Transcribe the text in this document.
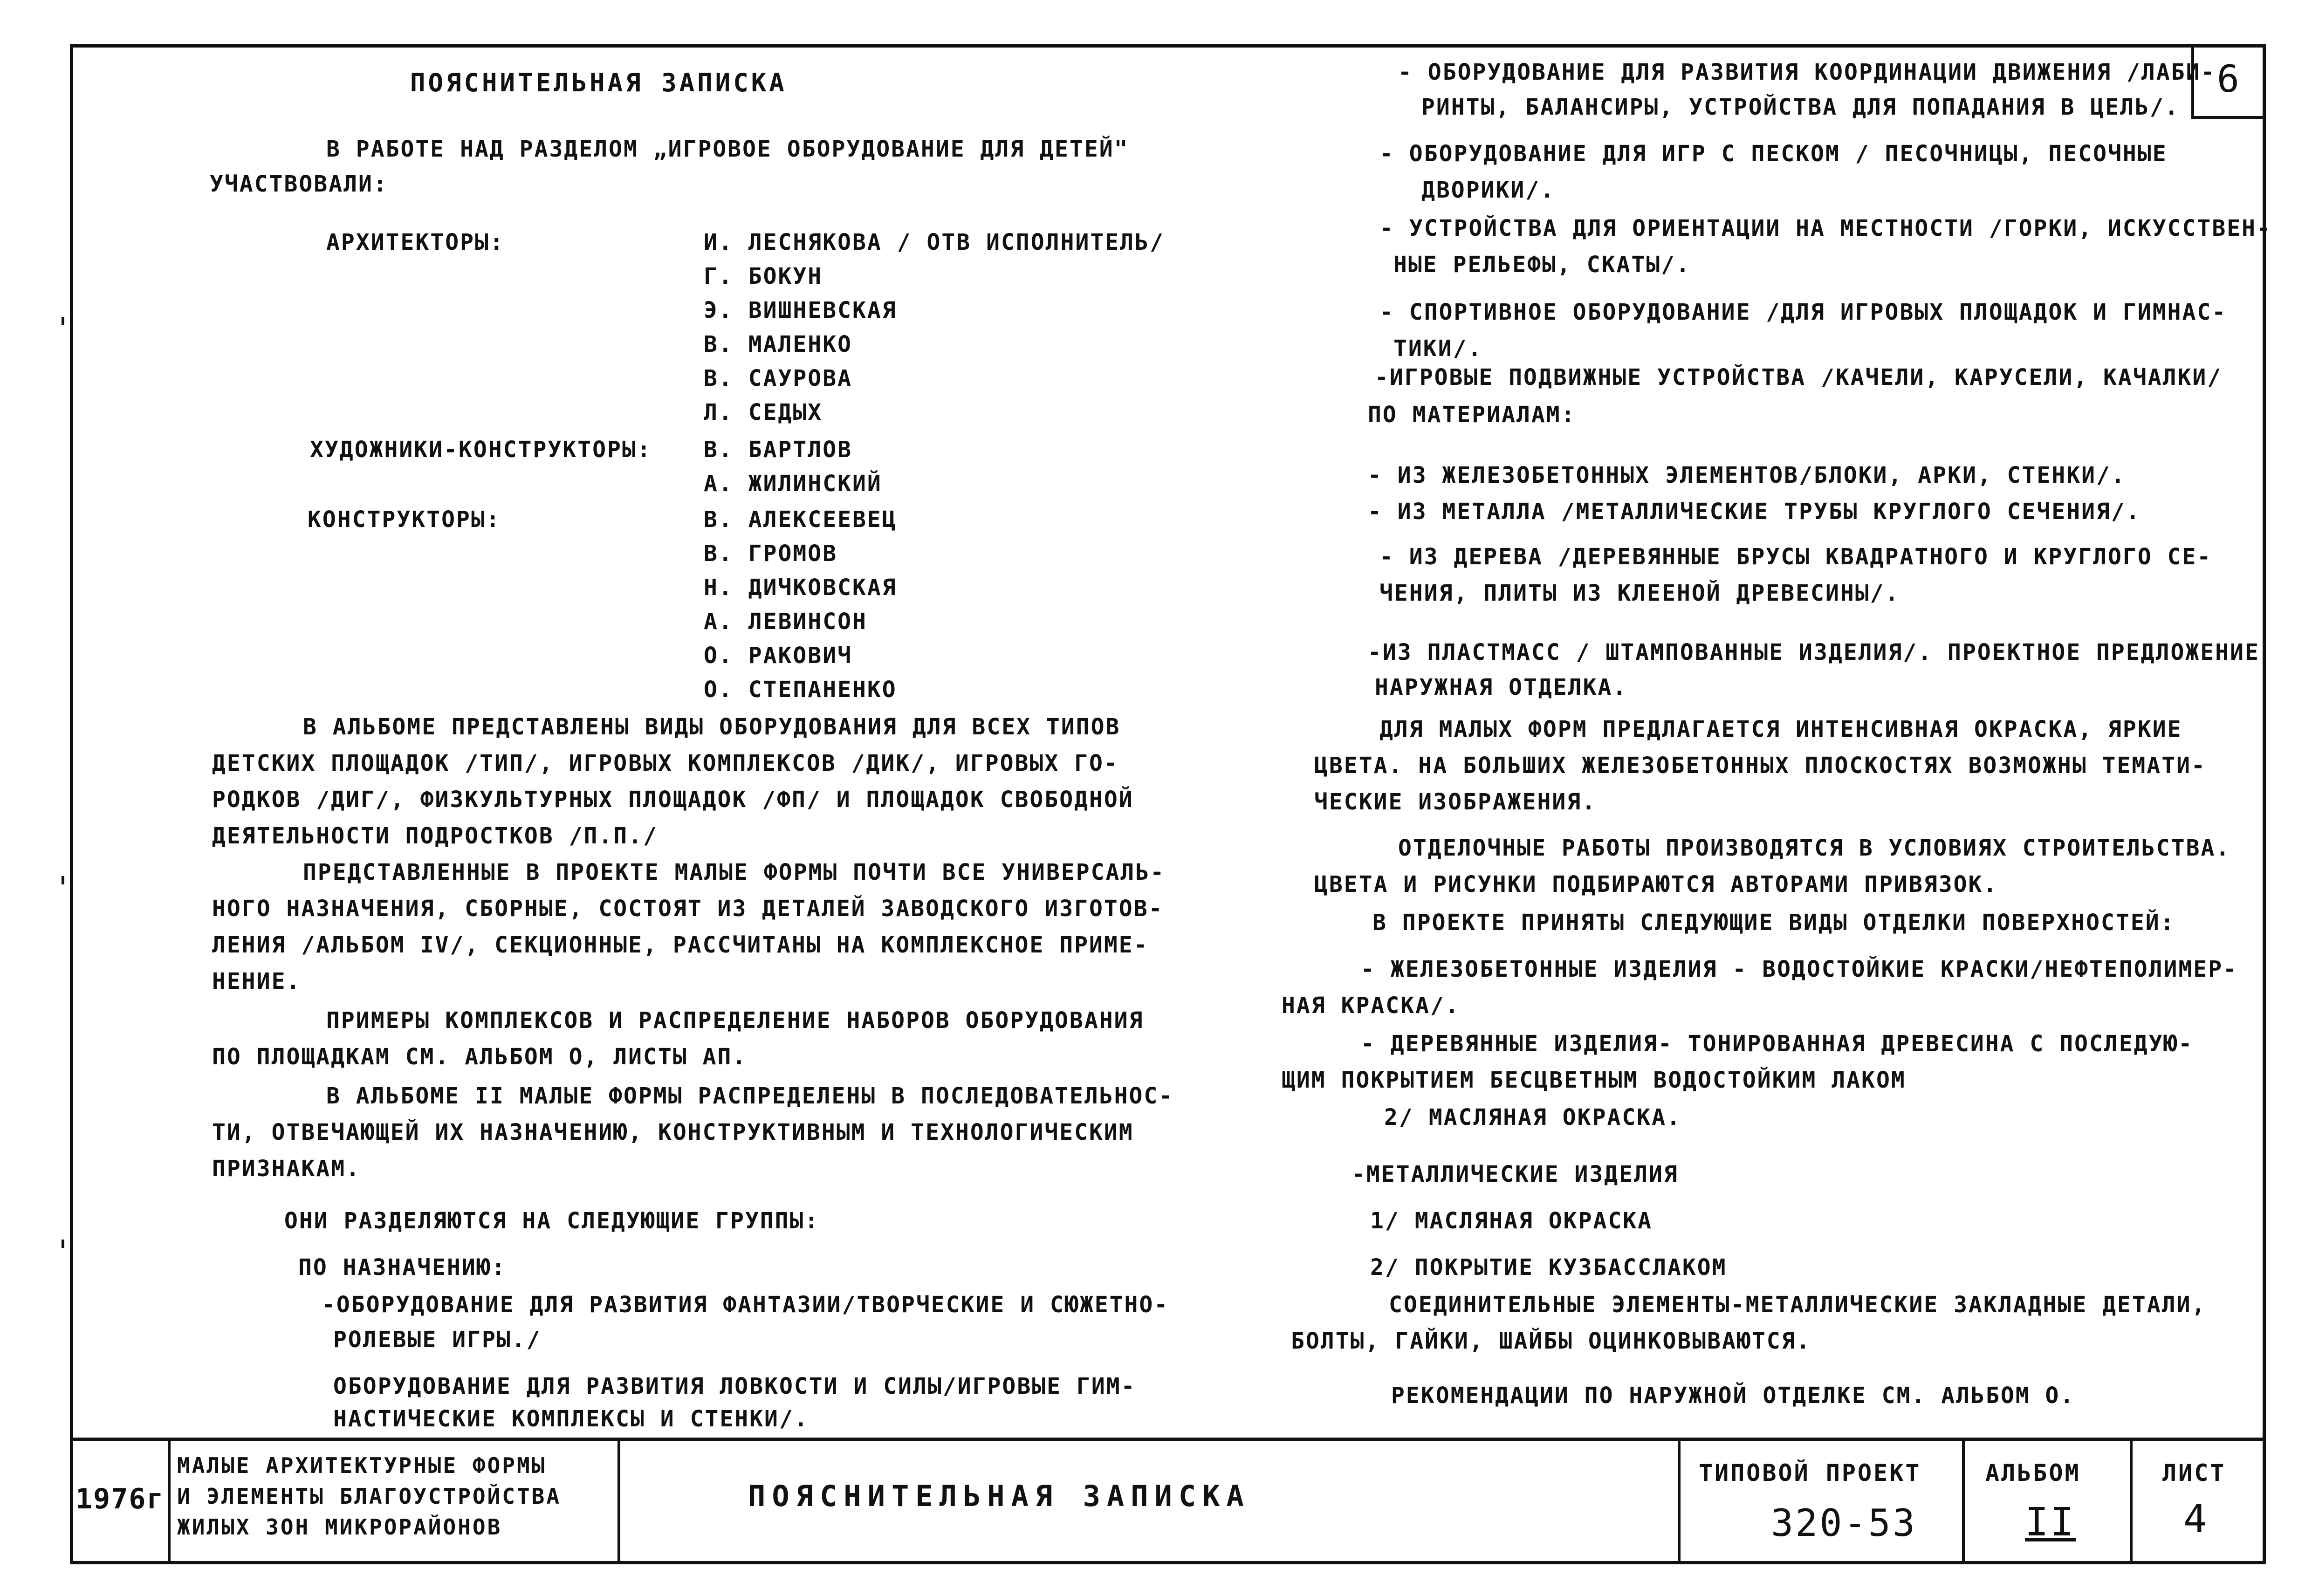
6
ПОЯСНИТЕЛЬНАЯ ЗАПИСКА
В РАБОТЕ НАД РАЗДЕЛОМ „ИГРОВОЕ ОБОРУДОВАНИЕ ДЛЯ ДЕТЕЙ"
УЧАСТВОВАЛИ:
АРХИТЕКТОРЫ:	И. ЛЕСНЯКОВА / ОТВ ИСПОЛНИТЕЛЬ/
Г. БОКУН
Э. ВИШНЕВСКАЯ
В. МАЛЕНКО
В. САУРОВА
Л. СЕДЫХ
ХУДОЖНИКИ-КОНСТРУКТОРЫ: В. БАРТЛОВ
А. ЖИЛИНСКИЙ
КОНСТРУКТОРЫ:	В. АЛЕКСЕЕВЕЦ
В. ГРОМОВ
Н. ДИЧКОВСКАЯ
А. ЛЕВИНСОН
О. РАКОВИЧ
О. СТЕПАНЕНКО
В АЛЬБОМЕ ПРЕДСТАВЛЕНЫ ВИДЫ ОБОРУДОВАНИЯ ДЛЯ ВСЕХ ТИПОВ
ДЕТСКИХ ПЛОЩАДОК /ТИП/, ИГРОВЫХ КОМПЛЕКСОВ /ДИК/, ИГРОВЫХ ГО-
РОДКОВ /ДИГ/, ФИЗКУЛЬТУРНЫХ ПЛОЩАДОК /ФП/ И ПЛОЩАДОК СВОБОДНОЙ
ДЕЯТЕЛЬНОСТИ ПОДРОСТКОВ /П.П./
ПРЕДСТАВЛЕННЫЕ В ПРОЕКТЕ МАЛЫЕ ФОРМЫ ПОЧТИ ВСЕ УНИВЕРСАЛЬ-
НОГО НАЗНАЧЕНИЯ, СБОРНЫЕ, СОСТОЯТ ИЗ ДЕТАЛЕЙ ЗАВОДСКОГО ИЗГОТОВ-
ЛЕНИЯ /АЛЬБОМ IV/, СЕКЦИОННЫЕ, РАССЧИТАНЫ НА КОМПЛЕКСНОЕ ПРИМЕ-
НЕНИЕ.
ПРИМЕРЫ КОМПЛЕКСОВ И РАСПРЕДЕЛЕНИЕ НАБОРОВ ОБОРУДОВАНИЯ
ПО ПЛОЩАДКАМ СМ. АЛЬБОМ О, ЛИСТЫ АП.
В АЛЬБОМЕ II МАЛЫЕ ФОРМЫ РАСПРЕДЕЛЕНЫ В ПОСЛЕДОВАТЕЛЬНОС-
ТИ, ОТВЕЧАЮЩЕЙ ИХ НАЗНАЧЕНИЮ, КОНСТРУКТИВНЫМ И ТЕХНОЛОГИЧЕСКИМ
ПРИЗНАКАМ.
ОНИ РАЗДЕЛЯЮТСЯ НА СЛЕДУЮЩИЕ ГРУППЫ:
ПО НАЗНАЧЕНИЮ:
-ОБОРУДОВАНИЕ ДЛЯ РАЗВИТИЯ ФАНТАЗИИ/ТВОРЧЕСКИЕ И СЮЖЕТНО-
РОЛЕВЫЕ ИГРЫ./
ОБОРУДОВАНИЕ ДЛЯ РАЗВИТИЯ ЛОВКОСТИ И СИЛЫ/ИГРОВЫЕ ГИМ-
НАСТИЧЕСКИЕ КОМПЛЕКСЫ И СТЕНКИ/.
- ОБОРУДОВАНИЕ ДЛЯ РАЗВИТИЯ КООРДИНАЦИИ ДВИЖЕНИЯ /ЛАБИ-
РИНТЫ, БАЛАНСИРЫ, УСТРОЙСТВА ДЛЯ ПОПАДАНИЯ В ЦЕЛЬ/.
- ОБОРУДОВАНИЕ ДЛЯ ИГР С ПЕСКОМ / ПЕСОЧНИЦЫ, ПЕСОЧНЫЕ
ДВОРИКИ/.
- УСТРОЙСТВА ДЛЯ ОРИЕНТАЦИИ НА МЕСТНОСТИ /ГОРКИ, ИСКУССТВЕН-
НЫЕ РЕЛЬЕФЫ, СКАТЫ/.
- СПОРТИВНОЕ ОБОРУДОВАНИЕ /ДЛЯ ИГРОВЫХ ПЛОЩАДОК И ГИМНАС-
ТИКИ/.
-ИГРОВЫЕ ПОДВИЖНЫЕ УСТРОЙСТВА /КАЧЕЛИ, КАРУСЕЛИ, КАЧАЛКИ/
ПО МАТЕРИАЛАМ:
- ИЗ ЖЕЛЕЗОБЕТОННЫХ ЭЛЕМЕНТОВ/БЛОКИ, АРКИ, СТЕНКИ/.
- ИЗ МЕТАЛЛА /МЕТАЛЛИЧЕСКИЕ ТРУБЫ КРУГЛОГО СЕЧЕНИЯ/.
- ИЗ ДЕРЕВА /ДЕРЕВЯННЫЕ БРУСЫ КВАДРАТНОГО И КРУГЛОГО СЕ-
ЧЕНИЯ, ПЛИТЫ ИЗ КЛЕЕНОЙ ДРЕВЕСИНЫ/.
-ИЗ ПЛАСТМАСС / ШТАМПОВАННЫЕ ИЗДЕЛИЯ/. ПРОЕКТНОЕ ПРЕДЛОЖЕНИЕ
НАРУЖНАЯ ОТДЕЛКА.
ДЛЯ МАЛЫХ ФОРМ ПРЕДЛАГАЕТСЯ ИНТЕНСИВНАЯ ОКРАСКА, ЯРКИЕ
ЦВЕТА. НА БОЛЬШИХ ЖЕЛЕЗОБЕТОННЫХ ПЛОСКОСТЯХ ВОЗМОЖНЫ ТЕМАТИ-
ЧЕСКИЕ ИЗОБРАЖЕНИЯ.
ОТДЕЛОЧНЫЕ РАБОТЫ ПРОИЗВОДЯТСЯ В УСЛОВИЯХ СТРОИТЕЛЬСТВА.
ЦВЕТА И РИСУНКИ ПОДБИРАЮТСЯ АВТОРАМИ ПРИВЯЗОК.
В ПРОЕКТЕ ПРИНЯТЫ СЛЕДУЮЩИЕ ВИДЫ ОТДЕЛКИ ПОВЕРХНОСТЕЙ:
- ЖЕЛЕЗОБЕТОННЫЕ ИЗДЕЛИЯ - ВОДОСТОЙКИЕ КРАСКИ/НЕФТЕПОЛИМЕР-
НАЯ КРАСКА/.
- ДЕРЕВЯННЫЕ ИЗДЕЛИЯ- ТОНИРОВАННАЯ ДРЕВЕСИНА С ПОСЛЕДУЮ-
ЩИМ ПОКРЫТИЕМ БЕСЦВЕТНЫМ ВОДОСТОЙКИМ ЛАКОМ
2/ МАСЛЯНАЯ ОКРАСКА.
-МЕТАЛЛИЧЕСКИЕ ИЗДЕЛИЯ
1/ МАСЛЯНАЯ ОКРАСКА
2/ ПОКРЫТИЕ КУЗБАССЛАКОМ
СОЕДИНИТЕЛЬНЫЕ ЭЛЕМЕНТЫ-МЕТАЛЛИЧЕСКИЕ ЗАКЛАДНЫЕ ДЕТАЛИ,
БОЛТЫ, ГАЙКИ, ШАЙБЫ ОЦИНКОВЫВАЮТСЯ.
РЕКОМЕНДАЦИИ ПО НАРУЖНОЙ ОТДЕЛКЕ СМ. АЛЬБОМ О.
1976г
МАЛЫЕ АРХИТЕКТУРНЫЕ ФОРМЫ
И ЭЛЕМЕНТЫ БЛАГОУСТРОЙСТВА
ЖИЛЫХ ЗОН МИКРОРАЙОНОВ
ПОЯСНИТЕЛЬНАЯ ЗАПИСКА
ТИПОВОЙ ПРОЕКТ
320-53
АЛЬБОМ
II
ЛИСТ
4
